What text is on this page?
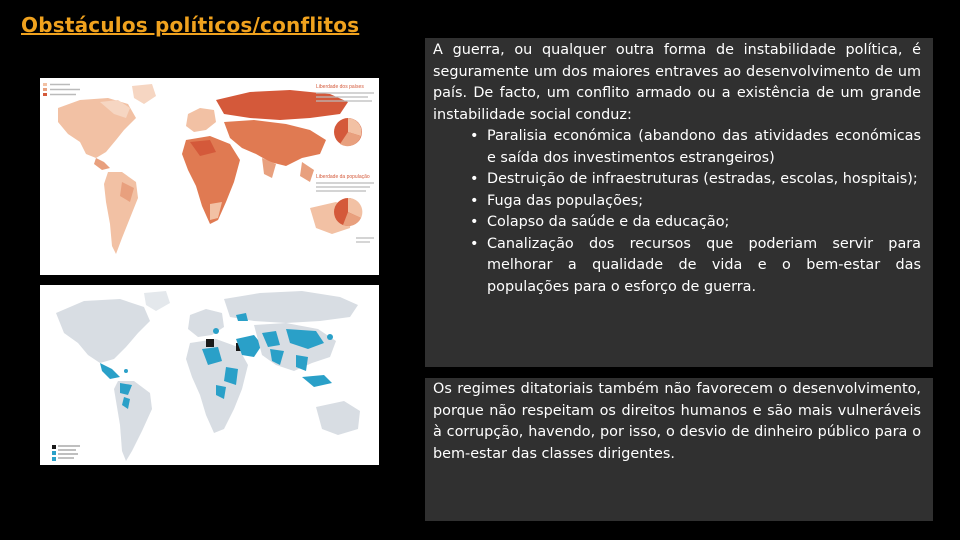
Obstáculos políticos/conflitos
Liberdade dos países
Liberdade da população

A guerra, ou qualquer outra forma de instabilidade política, é seguramente um dos maiores entraves ao desenvolvimento de um país. De facto, um conflito armado ou a existência de um grande instabilidade social conduz:

• Paralisia económica (abandono das atividades económicas e saída dos investimentos estrangeiros)
• Destruição de infraestruturas (estradas, escolas, hospitais);
• Fuga das populações;
• Colapso da saúde e da educação;
• Canalização dos recursos que poderiam servir para melhorar a qualidade de vida e o bem-estar das populações para o esforço de guerra.

Os regimes ditatoriais também não favorecem o desenvolvimento, porque não respeitam os direitos humanos e são mais vulneráveis à corrupção, havendo, por isso, o desvio de dinheiro público para o bem-estar das classes dirigentes.
